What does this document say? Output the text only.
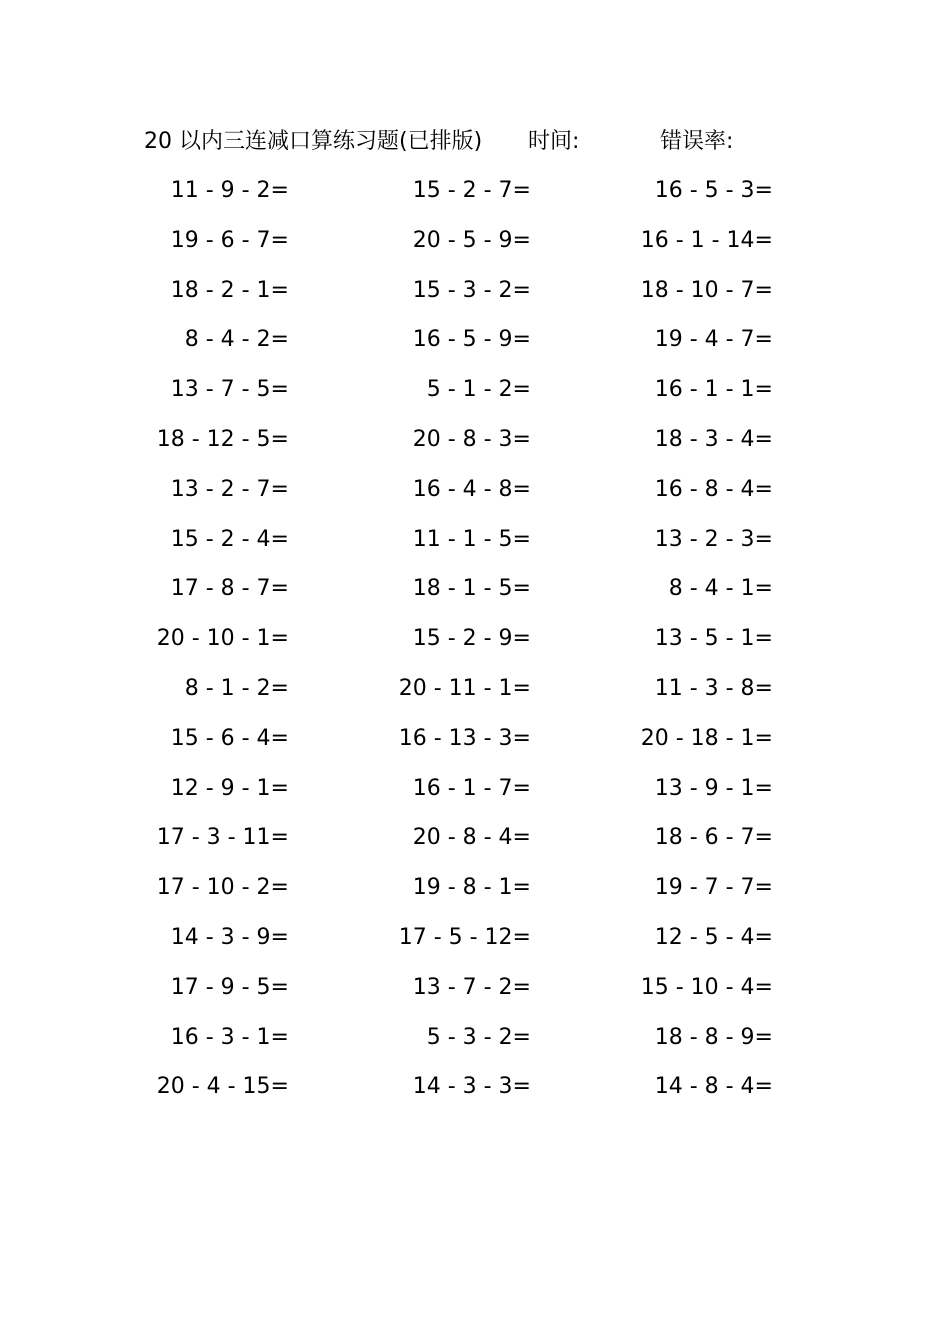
20 以内三连减口算练习题(已排版) 时间:	错误率:
11 - 9 - 2=	15 - 2 - 7=	16 - 5 - 3=
19 - 6 - 7=	20 - 5 - 9=	16 - 1 - 14=
18 - 2 - 1=	15 - 3 - 2=	18 - 10 - 7=
8 - 4 - 2=	16 - 5 - 9=	19 - 4 - 7=
13 - 7 - 5=	5 - 1 - 2=	16 - 1 - 1=
18 - 12 - 5=	20 - 8 - 3=	18 - 3 - 4=
13 - 2 - 7=	16 - 4 - 8=	16 - 8 - 4=
15 - 2 - 4=	11 - 1 - 5=	13 - 2 - 3=
17 - 8 - 7=	18 - 1 - 5=	8 - 4 - 1=
20 - 10 - 1=	15 - 2 - 9=	13 - 5 - 1=
8 - 1 - 2=	20 - 11 - 1=	11 - 3 - 8=
15 - 6 - 4=	16 - 13 - 3=	20 - 18 - 1=
12 - 9 - 1=	16 - 1 - 7=	13 - 9 - 1=
17 - 3 - 11=	20 - 8 - 4=	18 - 6 - 7=
17 - 10 - 2=	19 - 8 - 1=	19 - 7 - 7=
14 - 3 - 9=	17 - 5 - 12=	12 - 5 - 4=
17 - 9 - 5=	13 - 7 - 2=	15 - 10 - 4=
16 - 3 - 1=	5 - 3 - 2=	18 - 8 - 9=
20 - 4 - 15=	14 - 3 - 3=	14 - 8 - 4=
